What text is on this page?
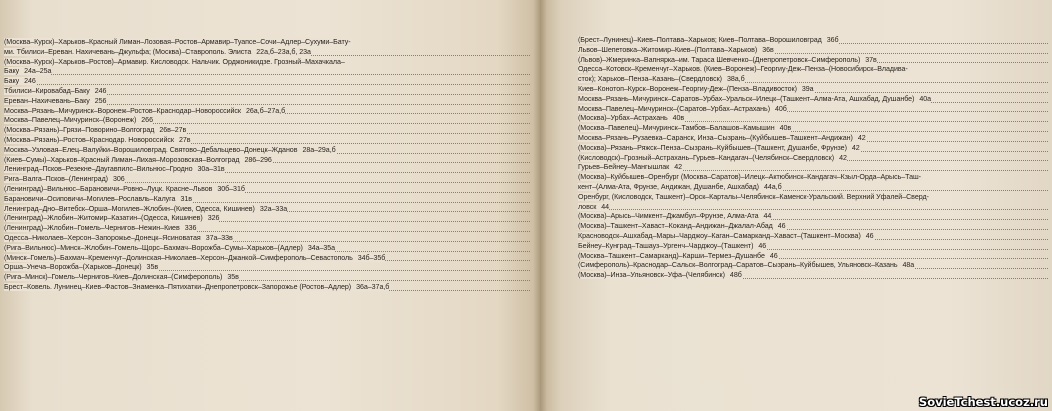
(Москва–Курск)–Харьков–Красный Лиман–Лозовая–Ростов–Армавир–Туапсе–Сочи–Адлер–Сухуми–Бату-
ми. Тбилиси–Ереван. Нахичевань–Джульфа; (Москва)–Ставрополь. Элиста 22а,б–23а,б, 23а
(Москва–Курск)–Харьков–Ростов)–Армавир. Кисловодск. Нальчик. Орджоникидзе. Грозный–Махачкала–
Баку 24а–25а
Баку 246
Тбилиси–Кировабад–Баку 246
Ереван–Нахичевань–Баку 256
Москва–Рязань–Мичуринск–Воронеж–Ростов–Краснодар–Новороссийск 26а,б–27а,б
Москва–Павелец–Мичуринск–(Воронеж) 266
(Москва–Рязань)–Грязи–Поворино–Волгоград 26в–27в
(Москва–Рязань)–Ростов–Краснодар. Новороссийск 27в
Москва–Узловая–Елец–Валуйки–Ворошиловград. Святово–Дебальцево–Донецк–Жданов 28а–29а,б
(Киев–Сумы)–Харьков–Красный Лиман–Лихая–Морозовская–Волгоград 286–296
Ленинград–Псков–Резекне–Даугавпилс–Вильнюс–Гродно 30а–31в
Рига–Валга–Псков–(Ленинград) 306
(Ленинград)–Вильнюс–Барановичи–Ровно–Луцк. Красне–Львов 30б–31б
Барановичи–Осиповичи–Могилев–Рославль–Калуга 31в
Ленинград–Дно–Витебск–Орша–Могилев–Жлобин–(Киев, Одесса, Кишинев) 32а–33а
(Ленинград)–Жлобин–Житомир–Казатин–(Одесса, Кишинев) 326
(Ленинград)–Жлобин–Гомель–Чернигов–Нежин–Киев 336
Одесса–Николаев–Херсон–Запорожье–Донецк–Ясиноватая 37а–33в
(Рига–Вильнюс)–Минск–Жлобин–Гомель–Щорс–Бахмач–Ворожба–Сумы–Харьков–(Адлер) 34а–35а
(Минск–Гомель)–Бахмач–Кременчуг–Долинская–Николаев–Херсон–Джанкой–Симферополь–Севастополь 34б–35б
Орша–Унеча–Ворожба–(Харьков–Донецк) 35в
(Рига–Минск)–Гомель–Чернигов–Киев–Долинская–(Симферополь) 35в
Брест–Ковель. Лунинец–Киев–Фастов–Знаменка–Пятихатки–Днепропетровск–Запорожье (Ростов–Адлер) 36а–37а,б
(Брест–Лунинец)–Киев–Полтава–Харьков; Киев–Полтава–Ворошиловград 36б
Львов–Шепетовка–Житомир–Киев–(Полтава–Харьков) 36в
(Львов)–Жмеринка–Вапнярка–им. Тараса Шевченко–(Днепропетровск–Симферополь) 37в
Одесса–Котовск–Кременчуг–Харьков. (Киев–Воронеж)–Георгиу-Деж–Пенза–(Новосибирск–Владива-
сток); Харьков–Пенза–Казань–(Свердловск) 38а,б
Киев–Конотоп–Курск–Воронеж–Георгиу-Деж–(Пенза–Владивосток) 39а
Москва–Рязань–Мичуринск–Саратов–Урбах–Уральск–Илецк–(Ташкент–Алма-Ата, Ашхабад, Душанбе) 40а
Москва–Павелец–Мичуринск–(Саратов–Урбах–Астрахань) 40б
(Москва)–Урбах–Астрахань 40в
(Москва–Павелец)–Мичуринск–Тамбов–Балашов–Камышин 40в
Москва–Рязань–Рузаевка–Саранск, Инза–Сызрань–(Куйбышев–Ташкент–Андижан) 42
(Москва)–Рязань–Ряжск–Пенза–Сызрань–Куйбышев–(Ташкент, Душанбе, Фрунзе) 42
(Кисловодск)–Грозный–Астрахань–Гурьев–Кандагач–(Челябинск–Свердловск) 42
Гурьев–Бейнеу–Мангышлак 42
(Москва)–Куйбышев–Оренбург (Москва–Саратов)–Илецк–Актюбинск–Кандагач–Кзыл-Орда–Арысь–Таш-
кент–(Алма-Ата, Фрунзе, Андижан, Душанбе, Ашхабад) 44а,б
Оренбург, (Кисловодск, Ташкент)–Орск–Карталы–Челябинск–Каменск-Уральский. Верхний Уфалей–Сверд-
ловск 44
(Москва)–Арысь–Чимкент–Джамбул–Фрунзе, Алма-Ата 44
(Москва)–Ташкент–Хаваст–Коканд–Андижан–Джалал-Абад 46
Красноводск–Ашхабад–Мары–Чарджоу–Каган–Самарканд–Хаваст–(Ташкент–Москва) 46
Бейнеу–Кунград–Ташауз–Ургенч–Чарджоу–(Ташкент) 46
(Москва–Ташкент–Самарканд)–Карши–Термез–Душанбе 46
(Симферополь)–Краснодар–Сальск–Волгоград–Саратов–Сызрань–Куйбышев, Ульяновск–Казань 48а
(Москва)–Инза–Ульяновск–Уфа–(Челябинск) 48б
SovieTchest.ucoz.ru
